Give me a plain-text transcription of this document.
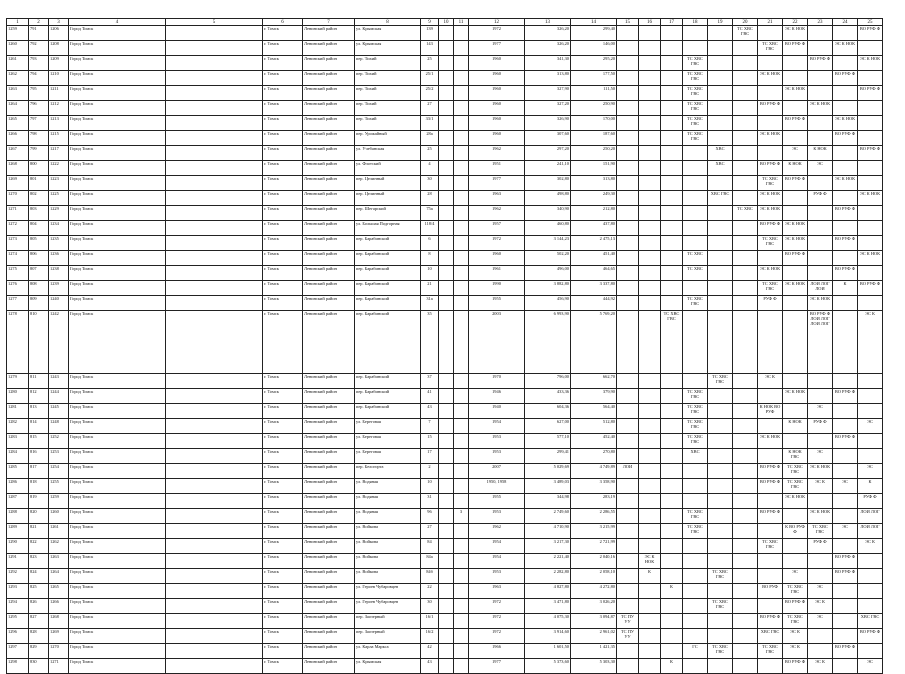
1	2	3	4	5	6	7	8	9	10	11	12	13	14	15	16	17	18	19	20	21	22	23	24	25
1259	791	1206	Город Томск		г. Томск	Ленинский район	ул. Крымская	139			1972	326,20	299,40						ТС ХВС ГВС		ЭС К НОК			ВО РУФ Ф
1260	792	1208	Город Томск		г. Томск	Ленинский район	ул. Крымская	143			1977	326,20	146,00							ТС ХВС ГВС	ВО РУФ Ф		ЭС К НОК	
1261	793	1209	Город Томск		г. Томск	Ленинский район	пер. Тихий	25			1960	341,30	295,20				ТС ХВС ГВС					ВО РУФ Ф		ЭС К НОК
1262	794	1210	Город Томск		г. Томск	Ленинский район	пер. Тихий	25/1			1960	313,80	177,50				ТС ХВС ГВС			ЭС К НОК			ВО РУФ Ф	
1263	795	1211	Город Томск		г. Томск	Ленинский район	пер. Тихий	25/2			1960	327,90	111,50				ТС ХВС ГВС				ЭС К НОК			ВО РУФ Ф
1264	796	1212	Город Томск		г. Томск	Ленинский район	пер. Тихий	27			1960	327,20	250,90				ТС ХВС ГВС			ВО РУФ Ф		ЭС К НОК		
1265	797	1213	Город Томск		г. Томск	Ленинский район	пер. Тихий	33/1			1960	326,90	170,00				ТС ХВС ГВС				ВО РУФ Ф		ЭС К НОК	
1266	798	1215	Город Томск		г. Томск	Ленинский район	пер. Урожайный	28а			1960	307,60	187,60				ТС ХВС ГВС			ЭС К НОК			ВО РУФ Ф	
1267	799	1217	Город Томск		г. Томск	Ленинский район	ул. Учебанская	25			1962	297,20	250,20					ХВС			ЭС	К НОК		ВО РУФ Ф
1268	800	1222	Город Томск		г. Томск	Ленинский район	ул. Флотский	4			1951	241,10	151,90					ХВС		ВО РУФ Ф	К НОК	ЭС		
1269	801	1223	Город Томск		г. Томск	Ленинский район	пер. Целинный	30			1977	302,80	313,80							ТС ХВС ГВС	ВО РУФ Ф		ЭС К НОК	
1270	802	1225	Город Томск		г. Томск	Ленинский район	пер. Целинный	28			1963	498,80	249,30					ХВС ГВС		ЭС К НОК		РУФ Ф		ЭС К НОК
1271	803	1229	Город Томск		г. Томск	Ленинский район	пер. Шегарский	75а			1962	340,90	212,80						ТС ХВС	ЭС К НОК			ВО РУФ Ф	
1272	804	1234	Город Томск		г. Томск	Ленинский район	ул. Большая Подгорная	118/4			1957	460,80	437,80							ВО РУФ Ф	ЭС К НОК			
1273	805	1235	Город Томск		г. Томск	Ленинский район	пер. Барабинский	6			1972	3 144,23	2 475,13							ТС ХВС ГВС	ЭС К НОК		ВО РУФ Ф	
1274	806	1236	Город Томск		г. Томск	Ленинский район	пер. Барабинский	8			1960	502,20	451,40				ТС ХВС				ВО РУФ Ф			ЭС К НОК
1275	807	1238	Город Томск		г. Томск	Ленинский район	пер. Барабинский	10			1961	496,00	464,65				ТС ХВС			ЭС К НОК			ВО РУФ Ф	
1276	808	1239	Город Томск		г. Томск	Ленинский район	пер. Барабинский	21			1990	3 882,80	3 337,80							ТС ХВС ГВС	ЭС К НОК	ЛОИ ЛОГ ЛОИ	К	ВО РУФ Ф
1277	809	1240	Город Томск		г. Томск	Ленинский район	пер. Барабинский	31а			1955	456,90	444,92				ТС ХВС ГВС			РУФ Ф		ЭС К НОК		
1278	810	1242	Город Томск		г. Томск	Ленинский район	пер. Барабинский	35			2003	6 993,90	5 769,20			ТС ХВС ГВС						ВО РУФ Ф ЛОИ ЛОГ ЛОИ ЛОГ		ЭС К
1279	811	1243	Город Томск		г. Томск	Ленинский район	пер. Барабинский	37			1970	796,00	662,70					ТС ХВС ГВС		ЭС К				
1280	812	1244	Город Томск		г. Томск	Ленинский район	пер. Барабинский	41			1946	433,36	379,90				ТС ХВС ГВС				ЭС К НОК		ВО РУФ Ф	
1281	813	1245	Город Томск		г. Томск	Ленинский район	пер. Барабинский	43			1940	604,36	564,40				ТС ХВС ГВС			К НОК ВО РУФ		ЭС		
1282	814	1248	Город Томск		г. Томск	Ленинский район	ул. Береговая	7			1954	627,00	512,80				ТС ХВС ГВС				К НОК	РУФ Ф		ЭС
1283	815	1252	Город Томск		г. Томск	Ленинский район	ул. Береговая	15			1953	577,10	452,40				ТС ХВС ГВС			ЭС К НОК			ВО РУФ Ф	
1284	816	1253	Город Томск		г. Томск	Ленинский район	ул. Береговая	17			1953	299,41	270,80				ХВС				К НОК ГВС	ЭС		
1285	817	1254	Город Томск		г. Томск	Ленинский район	пер. Белогорта	2			2007	5 029,69	4 749,89	ЛОИ						ВО РУФ Ф	ТС ХВС ГВС	ЭС К НОК		ЭС
1286	818	1255	Город Томск		г. Томск	Ленинский район	ул. Водяная	10			1950, 1958	3 489,03	3 358,90							ВО РУФ Ф	ТС ХВС ГВС	ЭС К	ЭС	К
1287	819	1259	Город Томск		г. Томск	Ленинский район	ул. Водяная	31			1955	344,98	283,19								ЭС К НОК			РУФ Ф
1288	820	1260	Город Томск		г. Томск	Ленинский район	ул. Водяная	96		3	1953	2 749,60	2 286,55				ТС ХВС ГВС			ВО РУФ Ф		ЭС К НОК		ЛОИ ЛОГ
1289	821	1261	Город Томск		г. Томск	Ленинский район	ул. Войкова	27			1962	4 710,90	3 215,99				ТС ХВС ГВС				К ВО РУФ Ф	ТС ХВС ГВС	ЭС	ЛОИ ЛОГ
1290	822	1262	Город Томск		г. Томск	Ленинский район	ул. Войкова	84			1954	3 217,30	2 721,99							ТС ХВС ГВС		РУФ Ф		ЭС К
1291	823	1263	Город Томск		г. Томск	Ленинский район	ул. Войкова	84а			1954	2 221,40	2 040,16		ЭС К НОК								ВО РУФ Ф	
1292	824	1264	Город Томск		г. Томск	Ленинский район	ул. Войкова	84б			1953	2 282,80	2 058,10		К			ТС ХВС ГВС			ЭС		ВО РУФ Ф	
1293	825	1265	Город Томск		г. Томск	Ленинский район	ул. Героев Чубаровцев	22			1963	4 827,80	4 272,80			К				ВО РУФ	ТС ХВС ГВС	ЭС		
1294	826	1266	Город Томск		г. Томск	Ленинский район	ул. Героев Чубаровцев	30			1972	3 471,80	3 026,20					ТС ХВС ГВС			ВО РУФ Ф	ЭС К		
1295	827	1268	Город Томск		г. Томск	Ленинский район	пер. Заозерный	16/1			1972	4 075,30	3 094,87	ТС ПУ УУ						ВО РУФ Ф	ТС ХВС ГВС	ЭС		ХВС ГВС
1296	828	1269	Город Томск		г. Томск	Ленинский район	пер. Заозерный	16/2			1972	3 914,60	2 961,02	ТС ПУ УУ						ХВС ГВС	ЭС К			ВО РУФ Ф
1297	829	1270	Город Томск		г. Томск	Ленинский район	ул. Карла Маркса	42			1966	1 601,50	1 421,35				ГС	ТС ХВС ГВС		ТС ХВС ГВС	ЭС К		ВО РУФ Ф	
1298	830	1271	Город Томск		г. Томск	Ленинский район	ул. Крымская	43			1977	5 373,60	5 303,30			К					ВО РУФ Ф	ЭС К		ЭС
